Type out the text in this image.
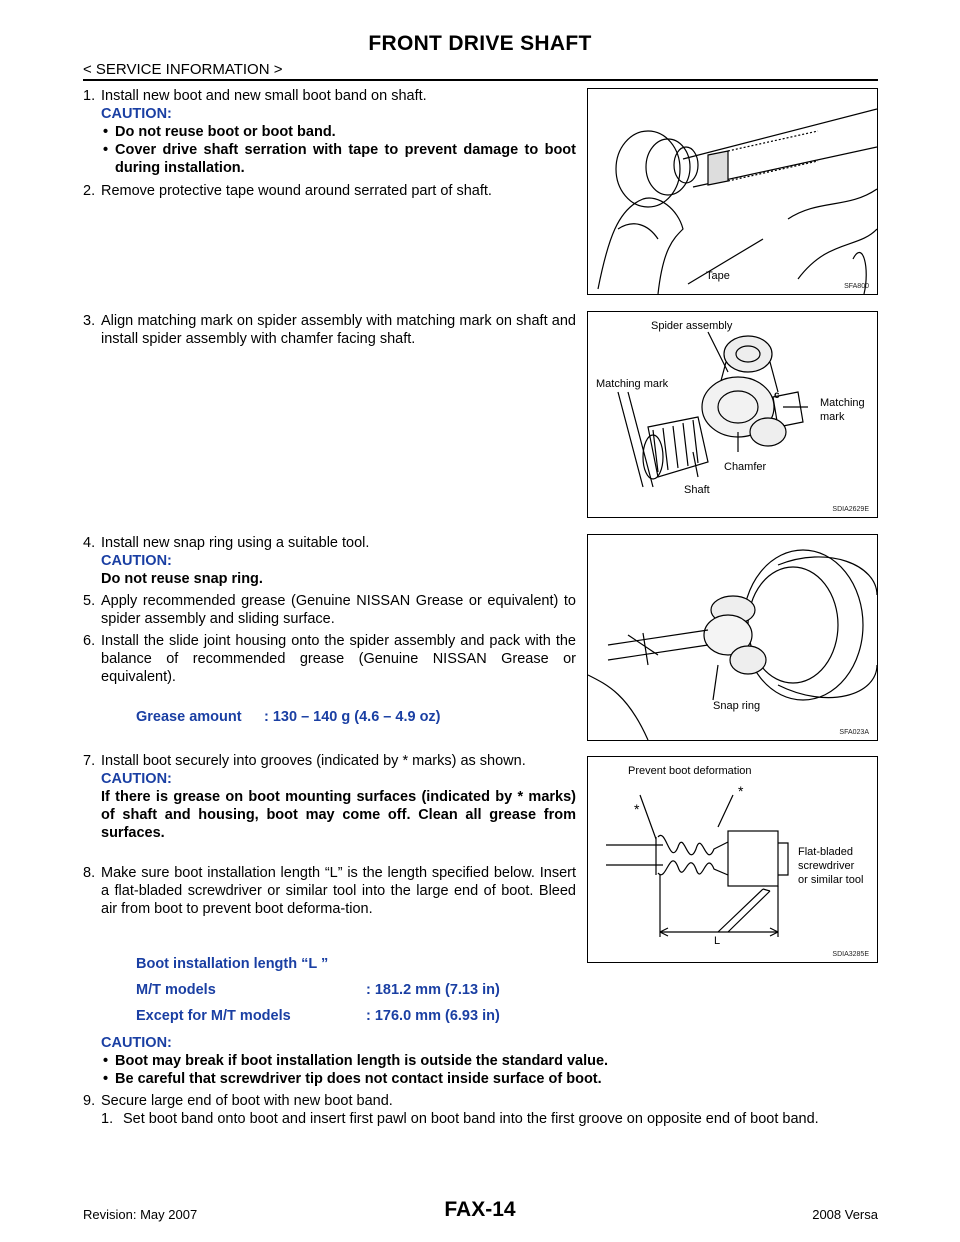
FRONT DRIVE SHAFT
< SERVICE INFORMATION >
1. Install new boot and new small boot band on shaft.
CAUTION:
• Do not reuse boot or boot band.
• Cover drive shaft serration with tape to prevent damage to boot during installation.
2. Remove protective tape wound around serrated part of shaft.
3. Align matching mark on spider assembly with matching mark on shaft and install spider assembly with chamfer facing shaft.
4. Install new snap ring using a suitable tool.
CAUTION:
Do not reuse snap ring.
5. Apply recommended grease (Genuine NISSAN Grease or equivalent) to spider assembly and sliding surface.
6. Install the slide joint housing onto the spider assembly and pack with the balance of recommended grease (Genuine NISSAN Grease or equivalent).
Grease amount : 130 – 140 g (4.6 – 4.9 oz)
7. Install boot securely into grooves (indicated by * marks) as shown.
CAUTION:
If there is grease on boot mounting surfaces (indicated by * marks) of shaft and housing, boot may come off. Clean all grease from surfaces.
8. Make sure boot installation length “L” is the length specified below. Insert a flat-bladed screwdriver or similar tool into the large end of boot. Bleed air from boot to prevent boot deforma-tion.
Boot installation length “L ”
M/T models	: 181.2 mm (7.13 in)
Except for M/T models	: 176.0 mm (6.93 in)
CAUTION:
• Boot may break if boot installation length is outside the standard value.
• Be careful that screwdriver tip does not contact inside surface of boot.
9. Secure large end of boot with new boot band.
1. Set boot band onto boot and insert first pawl on boot band into the first groove on opposite end of boot band.
Tape
SFA800
Spider assembly
Matching mark
Matching
mark
c
Chamfer
Shaft
SDIA2629E
Snap ring
SFA023A
Prevent boot deformation
*
*
Flat-bladed
screwdriver
or similar tool
L
SDIA3285E
Revision: May 2007	FAX-14	2008 Versa
